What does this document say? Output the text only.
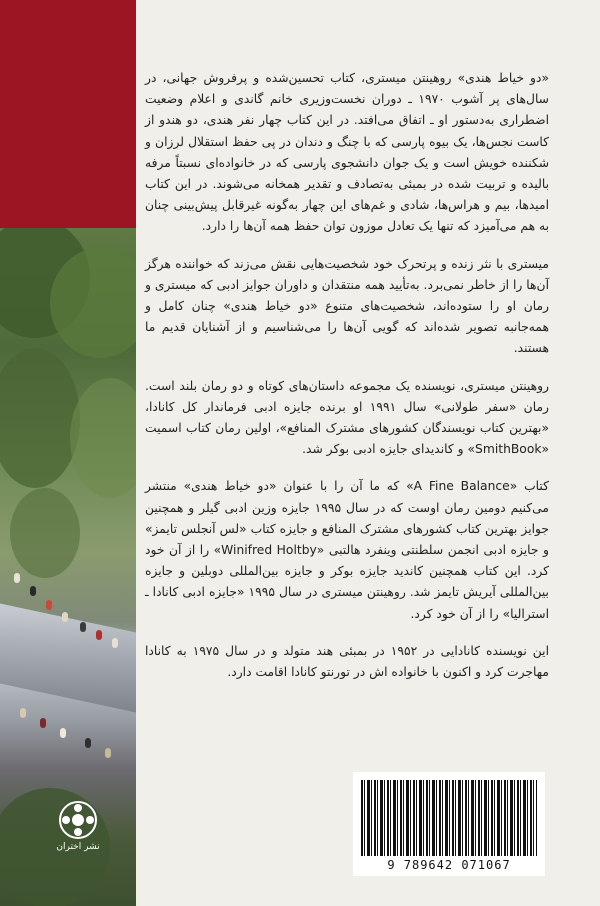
نشر اختران

«دو خیاط هندی» روهینتن میستری، کتاب تحسین‌شده و پرفروش جهانی، در سال‌های پر آشوب ۱۹۷۰ ـ دوران نخست‌وزیری خانم گاندی و اعلام وضعیت اضطراری به‌دستور او ـ اتفاق می‌افتد. در این کتاب چهار نفر هندی، دو هندو از کاست نجس‌ها، یک بیوه پارسی که با چنگ و دندان در پی حفظ استقلال لرزان و شکننده خویش است و یک جوان دانشجوی پارسی که در خانواده‌ای نسبتاً مرفه بالیده و تربیت شده در بمبئی به‌تصادف و تقدیر همخانه می‌شوند. در این کتاب امیدها، بیم و هراس‌ها، شادی و غم‌های این چهار به‌گونه غیرقابل پیش‌بینی چنان به هم می‌آمیزد که تنها یک تعادل موزون توان حفظ همه آن‌ها را دارد.

میستری با نثر زنده و پرتحرک خود شخصیت‌هایی نقش می‌زند که خواننده هرگز آن‌ها را از خاطر نمی‌برد. به‌تأیید همه منتقدان و داوران جوایز ادبی که میستری و رمان او را ستوده‌اند، شخصیت‌های متنوع «دو خیاط هندی» چنان کامل و همه‌جانبه تصویر شده‌اند که گویی آن‌ها را می‌شناسیم و از آشنایان قدیم ما هستند.

روهینتن میستری، نویسنده یک مجموعه داستان‌های کوتاه و دو رمان بلند است. رمان «سفر طولانی» سال ۱۹۹۱ او برنده جایزه ادبی فرماندار کل کانادا، «بهترین کتاب نویسندگان کشورهای مشترک المنافع»، اولین رمان کتاب اسمیت «SmithBook» و کاندیدای جایزه ادبی بوکر شد.

کتاب «A Fine Balance» که ما آن را با عنوان «دو خیاط هندی» منتشر می‌کنیم دومین رمان اوست که در سال ۱۹۹۵ جایزه وزین ادبی گیلر و همچنین جوایز بهترین کتاب کشورهای مشترک المنافع و جایزه کتاب «لس آنجلس تایمز» و جایزه ادبی انجمن سلطنتی وینفرد هالتبی «Winifred Holtby» را از آن خود کرد. این کتاب همچنین کاندید جایزه بوکر و جایزه بین‌المللی دوبلین و جایزه بین‌المللی آیریش تایمز شد. روهینتن میستری در سال ۱۹۹۵ «جایزه ادبی کانادا ـ استرالیا» را از آن خود کرد.

این نویسنده کانادایی در ۱۹۵۲ در بمبئی هند متولد و در سال ۱۹۷۵ به کانادا مهاجرت کرد و اکنون با خانواده اش در تورنتو کانادا اقامت دارد.

9 789642 071067
